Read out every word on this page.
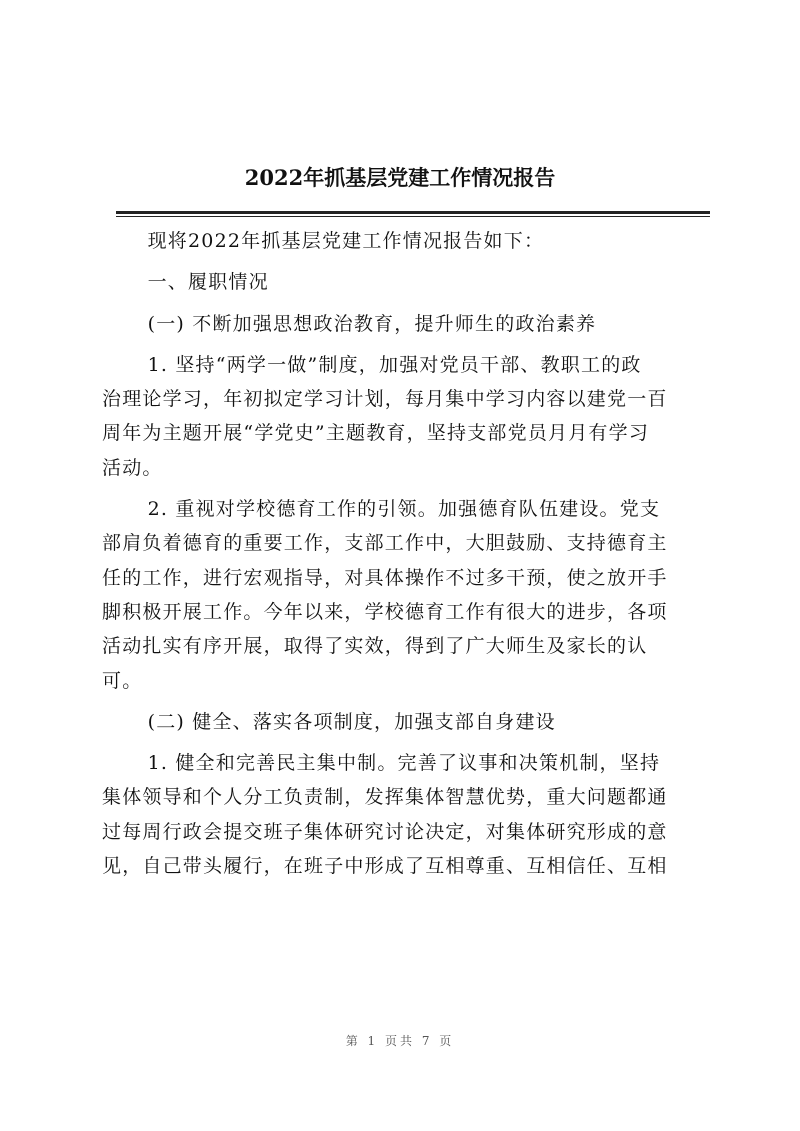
2022年抓基层党建工作情况报告

现将2022年抓基层党建工作情况报告如下：

一、履职情况

(一) 不断加强思想政治教育，提升师生的政治素养

1. 坚持“两学一做”制度，加强对党员干部、教职工的政
治理论学习，年初拟定学习计划，每月集中学习内容以建党一百
周年为主题开展“学党史”主题教育，坚持支部党员月月有学习
活动。

2. 重视对学校德育工作的引领。加强德育队伍建设。党支
部肩负着德育的重要工作，支部工作中，大胆鼓励、支持德育主
任的工作，进行宏观指导，对具体操作不过多干预，使之放开手
脚积极开展工作。今年以来，学校德育工作有很大的进步，各项
活动扎实有序开展，取得了实效，得到了广大师生及家长的认
可。

(二) 健全、落实各项制度，加强支部自身建设

1. 健全和完善民主集中制。完善了议事和决策机制，坚持
集体领导和个人分工负责制，发挥集体智慧优势，重大问题都通
过每周行政会提交班子集体研究讨论决定，对集体研究形成的意
见，自己带头履行，在班子中形成了互相尊重、互相信任、互相

第 1 页共 7 页
